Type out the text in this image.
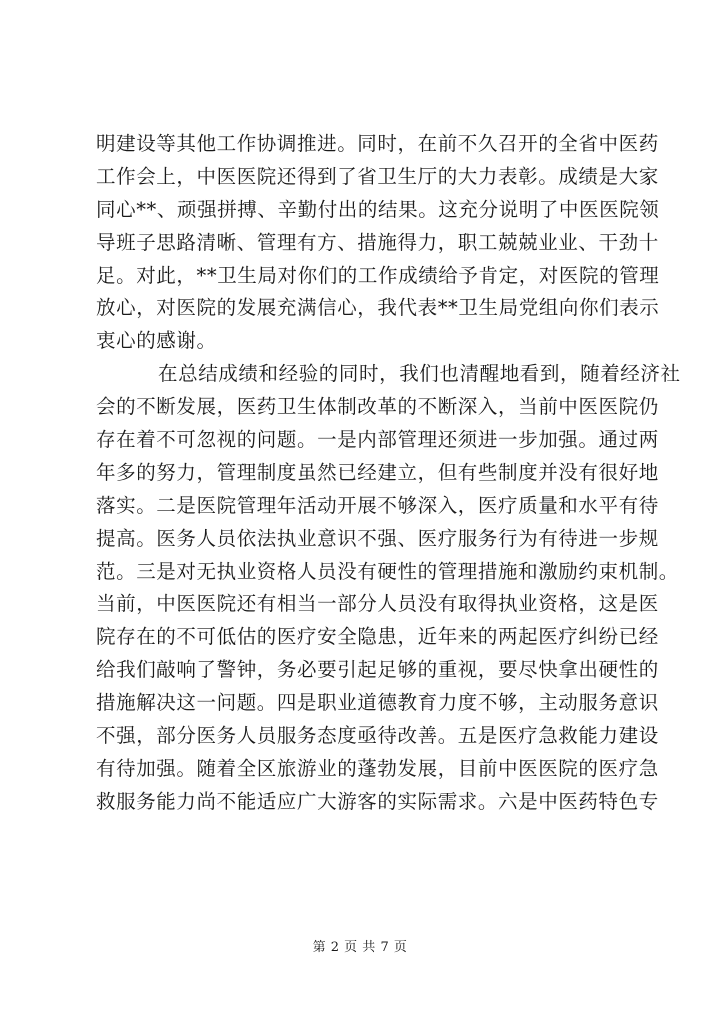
明建设等其他工作协调推进。同时，在前不久召开的全省中医药
工作会上，中医医院还得到了省卫生厅的大力表彰。成绩是大家
同心**、顽强拼搏、辛勤付出的结果。这充分说明了中医医院领
导班子思路清晰、管理有方、措施得力，职工兢兢业业、干劲十
足。对此，**卫生局对你们的工作成绩给予肯定，对医院的管理
放心，对医院的发展充满信心，我代表**卫生局党组向你们表示
衷心的感谢。
在总结成绩和经验的同时，我们也清醒地看到，随着经济社
会的不断发展，医药卫生体制改革的不断深入，当前中医医院仍
存在着不可忽视的问题。一是内部管理还须进一步加强。通过两
年多的努力，管理制度虽然已经建立，但有些制度并没有很好地
落实。二是医院管理年活动开展不够深入，医疗质量和水平有待
提高。医务人员依法执业意识不强、医疗服务行为有待进一步规
范。三是对无执业资格人员没有硬性的管理措施和激励约束机制。
当前，中医医院还有相当一部分人员没有取得执业资格，这是医
院存在的不可低估的医疗安全隐患，近年来的两起医疗纠纷已经
给我们敲响了警钟，务必要引起足够的重视，要尽快拿出硬性的
措施解决这一问题。四是职业道德教育力度不够，主动服务意识
不强，部分医务人员服务态度亟待改善。五是医疗急救能力建设
有待加强。随着全区旅游业的蓬勃发展，目前中医医院的医疗急
救服务能力尚不能适应广大游客的实际需求。六是中医药特色专
第 2 页 共 7 页
